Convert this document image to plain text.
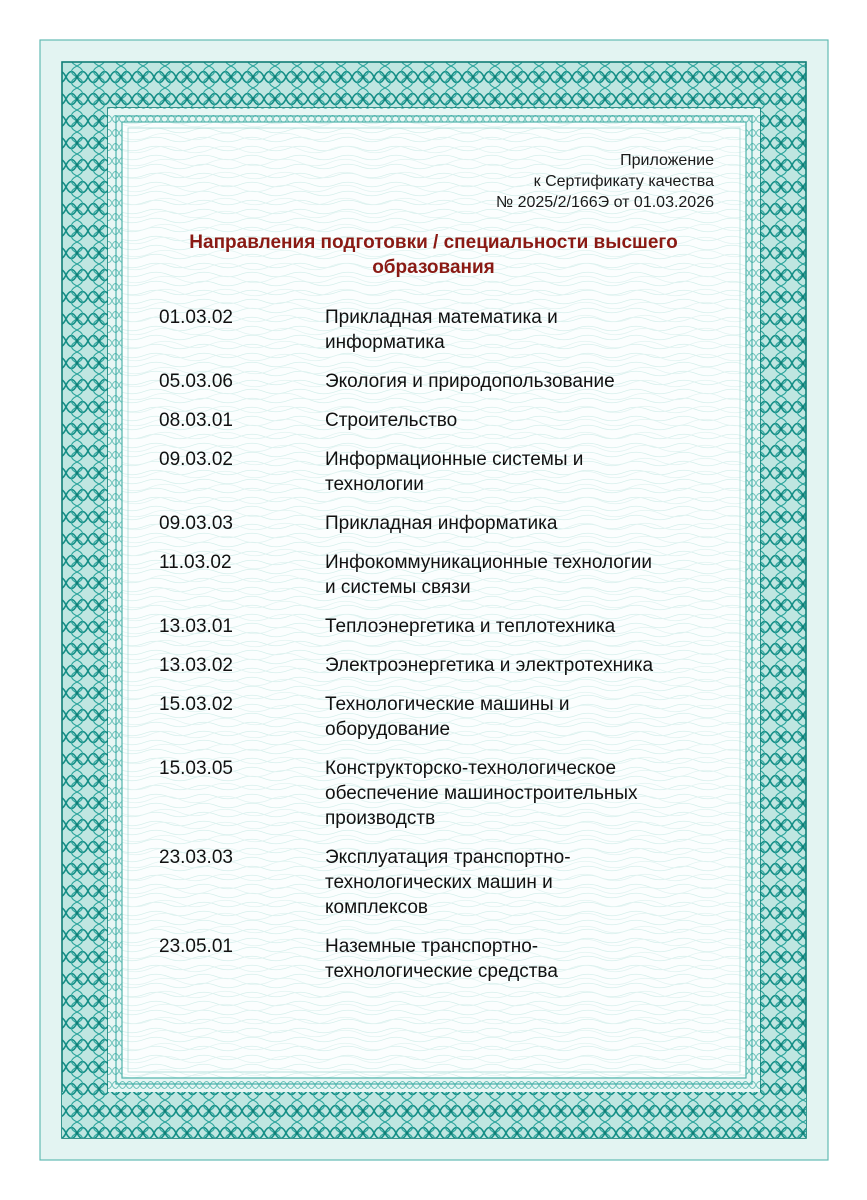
Приложение
к Сертификату качества
№ 2025/2/166Э от 01.03.2026
Направления подготовки / специальности высшего
образования
01.03.02	Прикладная математика и
информатика
05.03.06	Экология и природопользование
08.03.01	Строительство
09.03.02	Информационные системы и
технологии
09.03.03	Прикладная информатика
11.03.02	Инфокоммуникационные технологии
и системы связи
13.03.01	Теплоэнергетика и теплотехника
13.03.02	Электроэнергетика и электротехника
15.03.02	Технологические машины и
оборудование
15.03.05	Конструкторско-технологическое
обеспечение машиностроительных
производств
23.03.03	Эксплуатация транспортно-
технологических машин и
комплексов
23.05.01	Наземные транспортно-
технологические средства
